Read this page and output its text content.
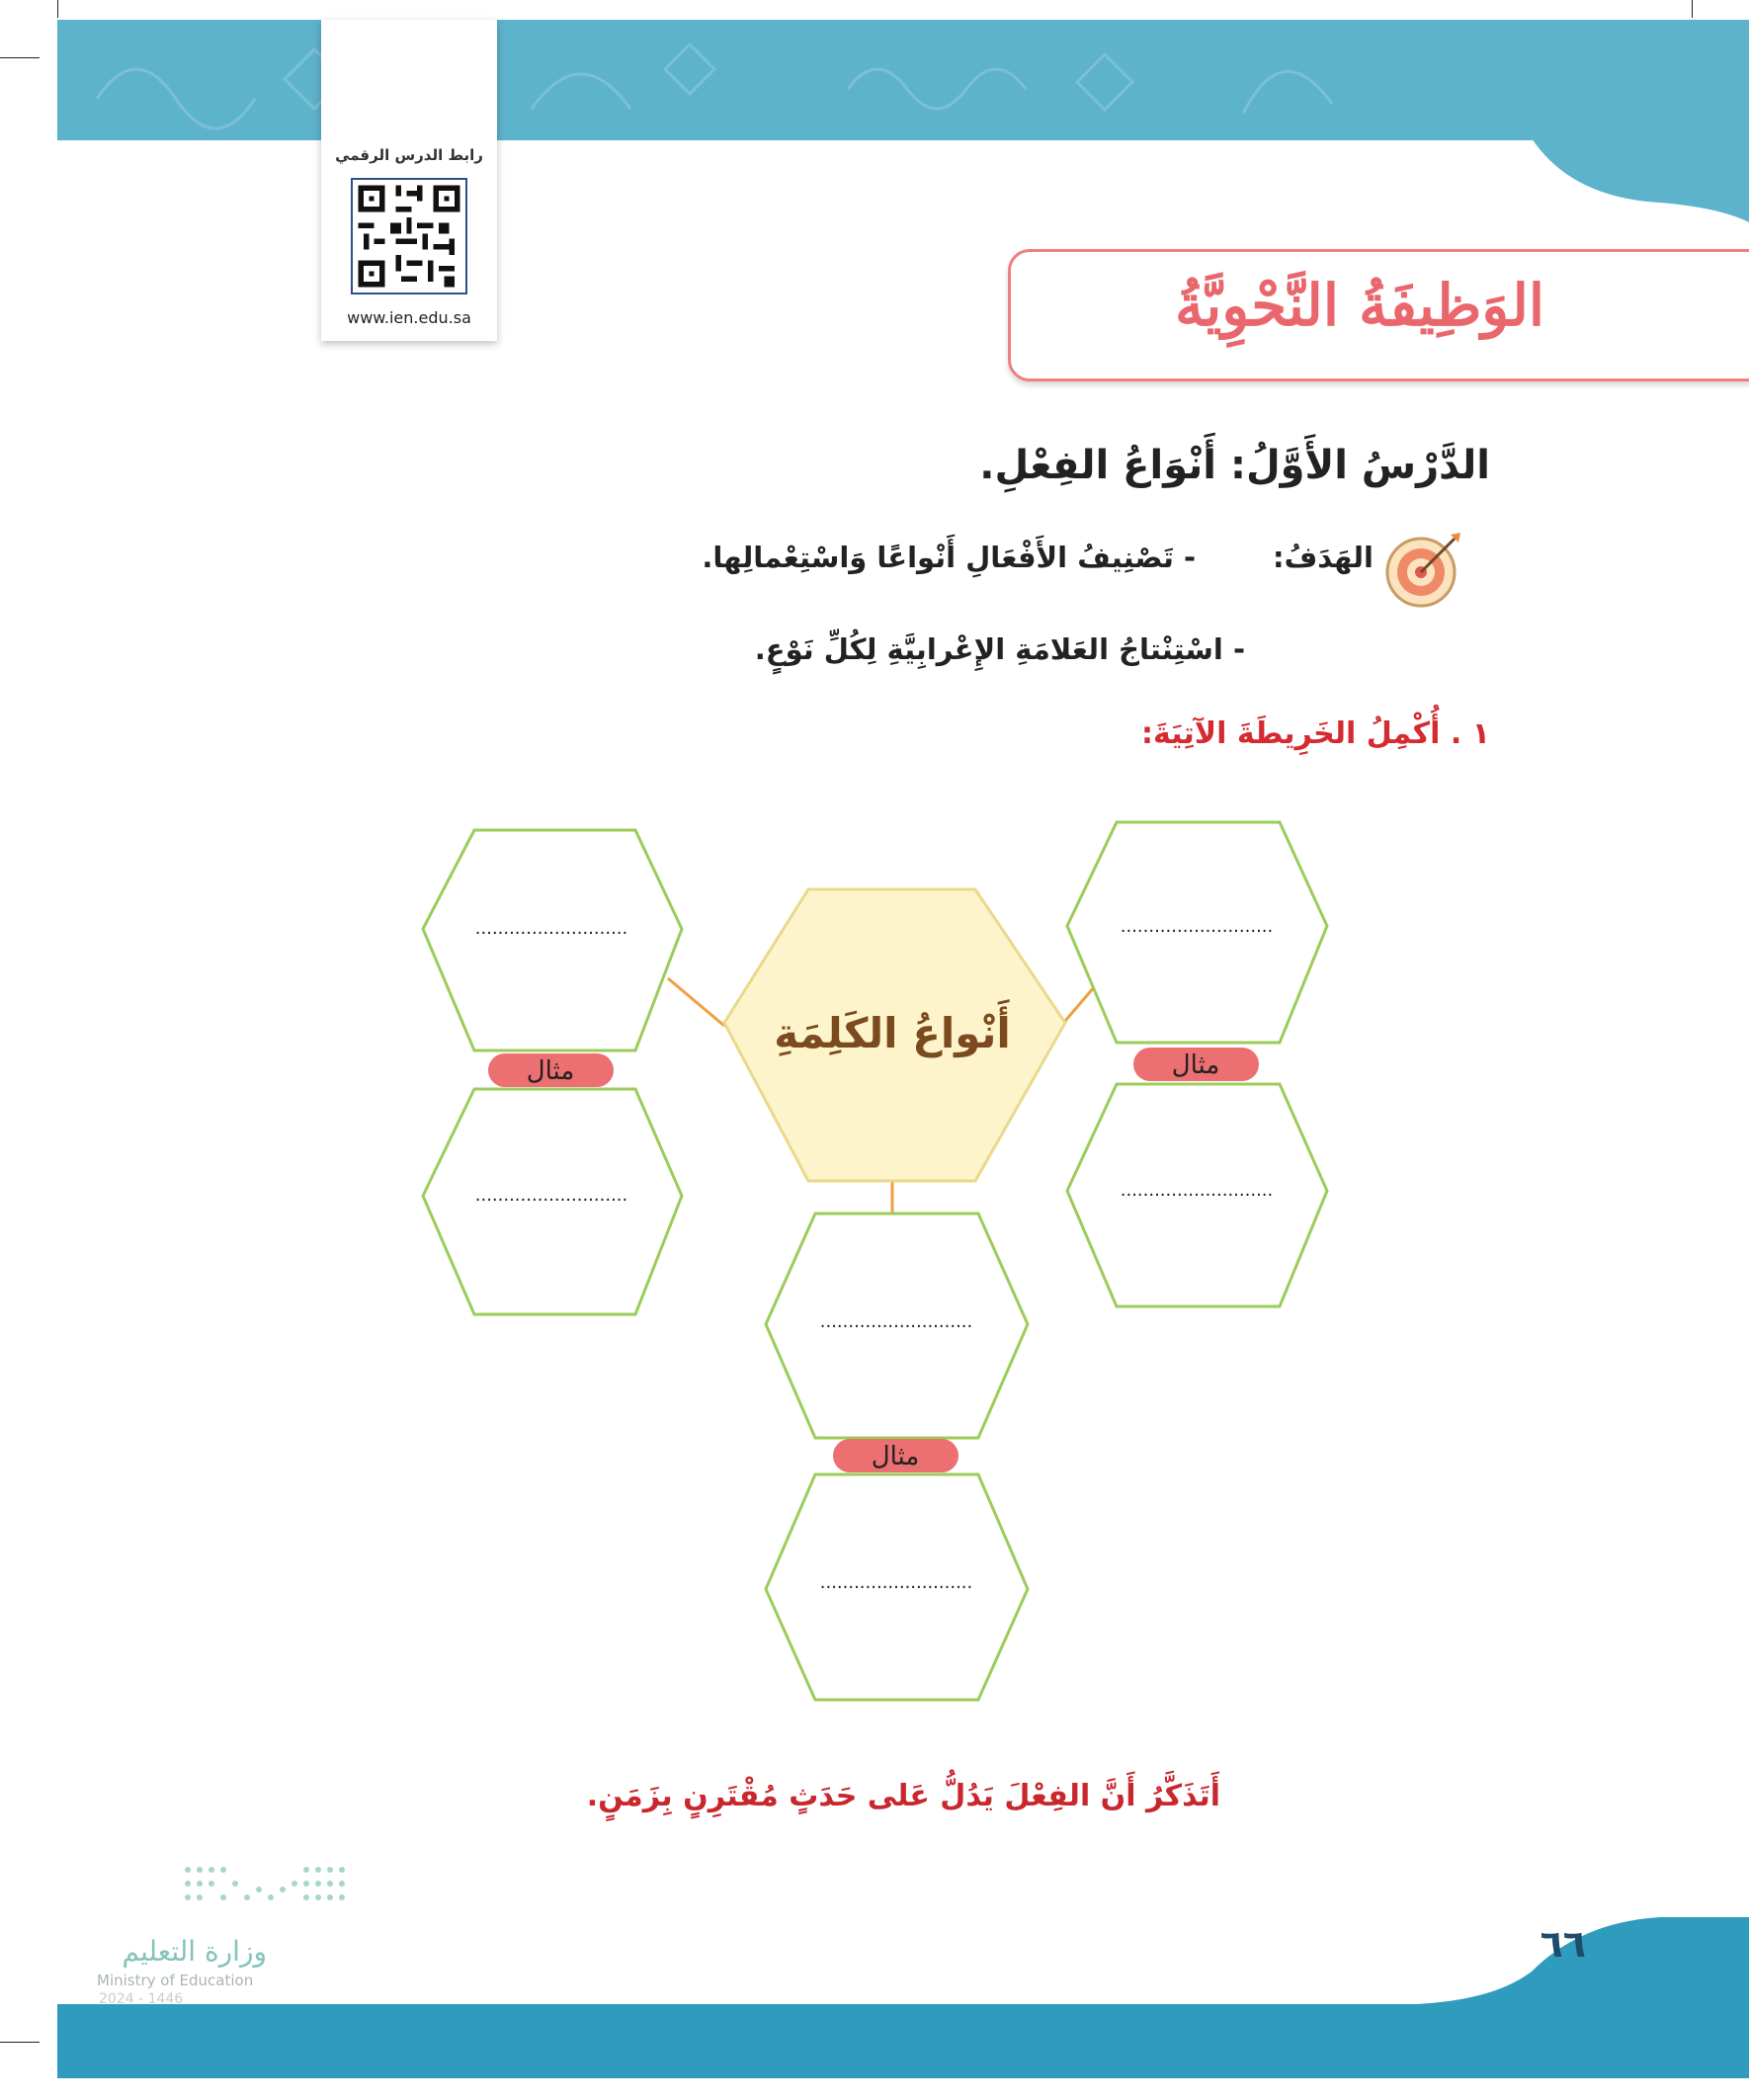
رابط الدرس الرقمي
www.ien.edu.sa	الوَظِيفَةُ النَّحْوِيَّةُ
الدَّرْسُ الأَوَّلُ: أَنْوَاعُ الفِعْلِ.
الهَدَفُ:
- تَصْنِيفُ الأَفْعَالِ أَنْواعًا وَاسْتِعْمالِها.
- اسْتِنْتاجُ العَلامَةِ الإِعْرابِيَّةِ لِكُلِّ نَوْعٍ.
١ . أُكْمِلُ الخَرِيطَةَ الآتِيَةَ:
أَنْواعُ الكَلِمَةِ
...........................
مثال
...........................
...........................
مثال
...........................
...........................
مثال
...........................
أَتَذَكَّرُ أَنَّ الفِعْلَ يَدُلُّ عَلى حَدَثٍ مُقْتَرِنٍ بِزَمَنٍ.
٦٦
وزارة التعليم
Ministry of Education
2024 - 1446
